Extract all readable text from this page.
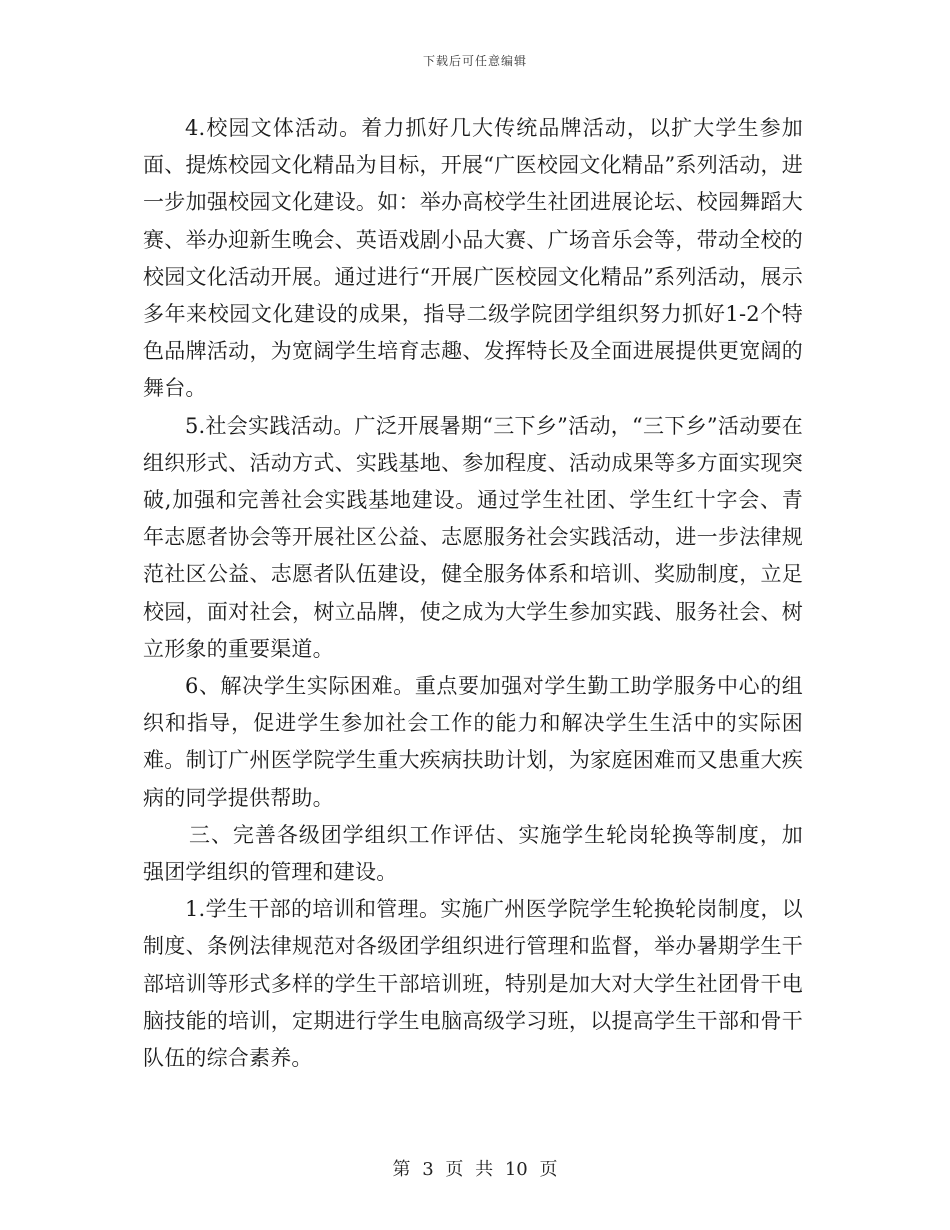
下载后可任意编辑

4.校园文体活动。着力抓好几大传统品牌活动，以扩大学生参加面、提炼校园文化精品为目标，开展“广医校园文化精品”系列活动，进一步加强校园文化建设。如：举办高校学生社团进展论坛、校园舞蹈大赛、举办迎新生晚会、英语戏剧小品大赛、广场音乐会等，带动全校的校园文化活动开展。通过进行“开展广医校园文化精品”系列活动，展示多年来校园文化建设的成果，指导二级学院团学组织努力抓好1-2个特色品牌活动，为宽阔学生培育志趣、发挥特长及全面进展提供更宽阔的舞台。

5.社会实践活动。广泛开展暑期“三下乡”活动，“三下乡”活动要在组织形式、活动方式、实践基地、参加程度、活动成果等多方面实现突破,加强和完善社会实践基地建设。通过学生社团、学生红十字会、青年志愿者协会等开展社区公益、志愿服务社会实践活动，进一步法律规范社区公益、志愿者队伍建设，健全服务体系和培训、奖励制度，立足校园，面对社会，树立品牌，使之成为大学生参加实践、服务社会、树立形象的重要渠道。

6、解决学生实际困难。重点要加强对学生勤工助学服务中心的组织和指导，促进学生参加社会工作的能力和解决学生生活中的实际困难。制订广州医学院学生重大疾病扶助计划，为家庭困难而又患重大疾病的同学提供帮助。

三、完善各级团学组织工作评估、实施学生轮岗轮换等制度，加强团学组织的管理和建设。

1.学生干部的培训和管理。实施广州医学院学生轮换轮岗制度，以制度、条例法律规范对各级团学组织进行管理和监督，举办暑期学生干部培训等形式多样的学生干部培训班，特别是加大对大学生社团骨干电脑技能的培训，定期进行学生电脑高级学习班，以提高学生干部和骨干队伍的综合素养。

第 3 页 共 10 页
